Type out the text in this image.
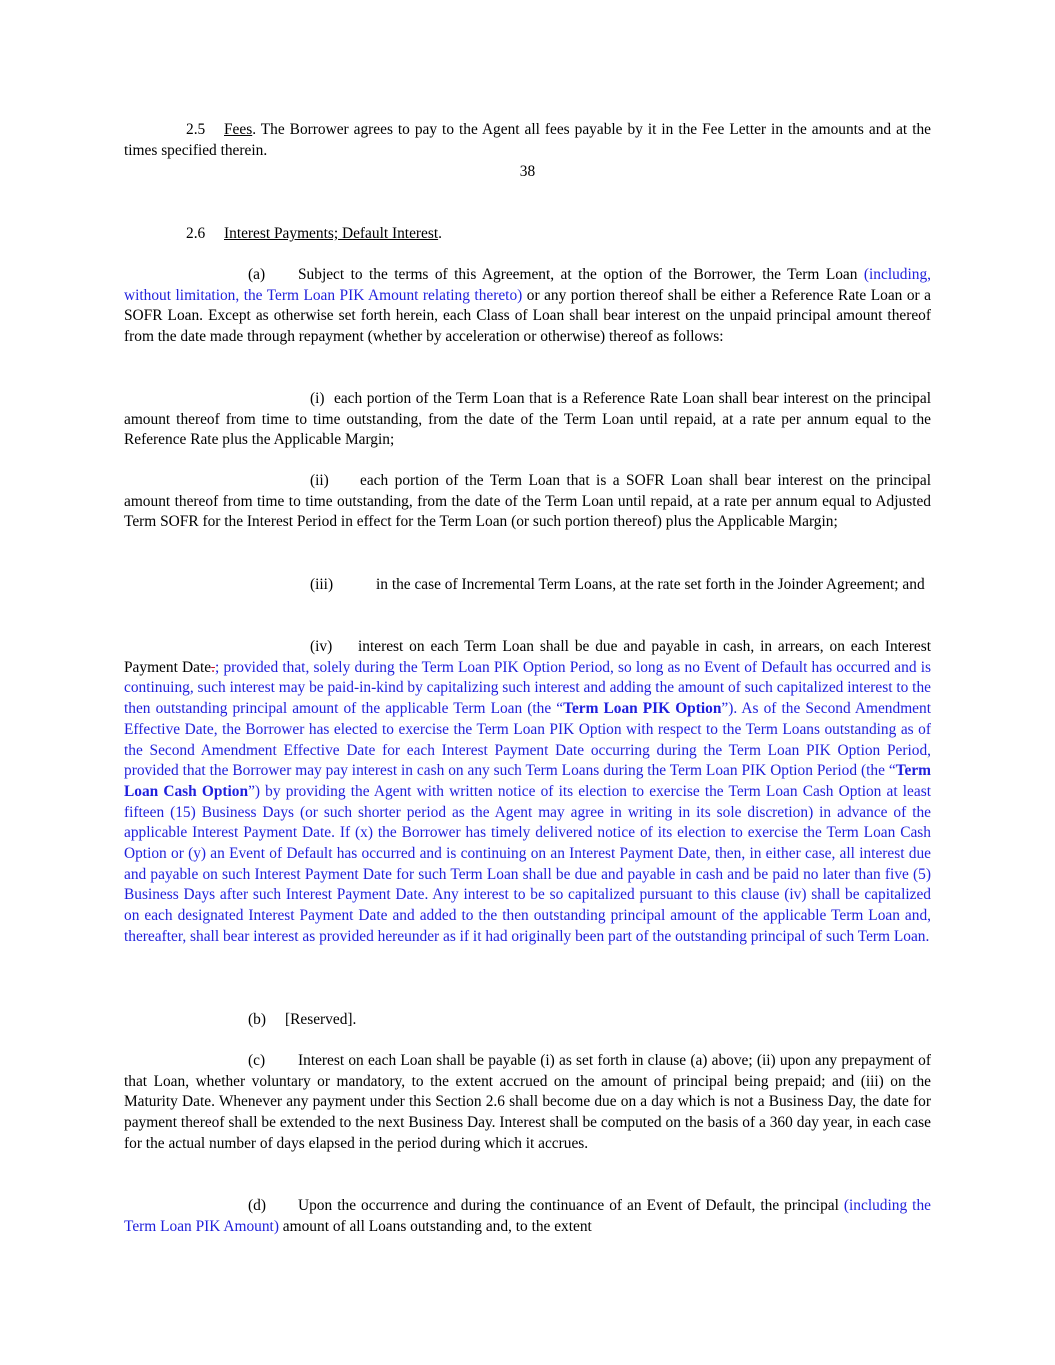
2.5 Fees. The Borrower agrees to pay to the Agent all fees payable by it in the Fee Letter in the amounts and at the times specified therein.

38

2.6 Interest Payments; Default Interest.

(a) Subject to the terms of this Agreement, at the option of the Borrower, the Term Loan (including, without limitation, the Term Loan PIK Amount relating thereto) or any portion thereof shall be either a Reference Rate Loan or a SOFR Loan. Except as otherwise set forth herein, each Class of Loan shall bear interest on the unpaid principal amount thereof from the date made through repayment (whether by acceleration or otherwise) thereof as follows:

(i) each portion of the Term Loan that is a Reference Rate Loan shall bear interest on the principal amount thereof from time to time outstanding, from the date of the Term Loan until repaid, at a rate per annum equal to the Reference Rate plus the Applicable Margin;

(ii) each portion of the Term Loan that is a SOFR Loan shall bear interest on the principal amount thereof from time to time outstanding, from the date of the Term Loan until repaid, at a rate per annum equal to Adjusted Term SOFR for the Interest Period in effect for the Term Loan (or such portion thereof) plus the Applicable Margin;

(iii)	in the case of Incremental Term Loans, at the rate set forth in the Joinder Agreement; and

(iv) interest on each Term Loan shall be due and payable in cash, in arrears, on each Interest Payment Date.; provided that, solely during the Term Loan PIK Option Period, so long as no Event of Default has occurred and is continuing, such interest may be paid-in-kind by capitalizing such interest and adding the amount of such capitalized interest to the then outstanding principal amount of the applicable Term Loan (the “Term Loan PIK Option”). As of the Second Amendment Effective Date, the Borrower has elected to exercise the Term Loan PIK Option with respect to the Term Loans outstanding as of the Second Amendment Effective Date for each Interest Payment Date occurring during the Term Loan PIK Option Period, provided that the Borrower may pay interest in cash on any such Term Loans during the Term Loan PIK Option Period (the “Term Loan Cash Option”) by providing the Agent with written notice of its election to exercise the Term Loan Cash Option at least fifteen (15) Business Days (or such shorter period as the Agent may agree in writing in its sole discretion) in advance of the applicable Interest Payment Date. If (x) the Borrower has timely delivered notice of its election to exercise the Term Loan Cash Option or (y) an Event of Default has occurred and is continuing on an Interest Payment Date, then, in either case, all interest due and payable on such Interest Payment Date for such Term Loan shall be due and payable in cash and be paid no later than five (5) Business Days after such Interest Payment Date. Any interest to be so capitalized pursuant to this clause (iv) shall be capitalized on each designated Interest Payment Date and added to the then outstanding principal amount of the applicable Term Loan and, thereafter, shall bear interest as provided hereunder as if it had originally been part of the outstanding principal of such Term Loan.

(b) [Reserved].

(c) Interest on each Loan shall be payable (i) as set forth in clause (a) above; (ii) upon any prepayment of that Loan, whether voluntary or mandatory, to the extent accrued on the amount of principal being prepaid; and (iii) on the Maturity Date. Whenever any payment under this Section 2.6 shall become due on a day which is not a Business Day, the date for payment thereof shall be extended to the next Business Day. Interest shall be computed on the basis of a 360 day year, in each case for the actual number of days elapsed in the period during which it accrues.

(d) Upon the occurrence and during the continuance of an Event of Default, the principal (including the Term Loan PIK Amount) amount of all Loans outstanding and, to the extent
